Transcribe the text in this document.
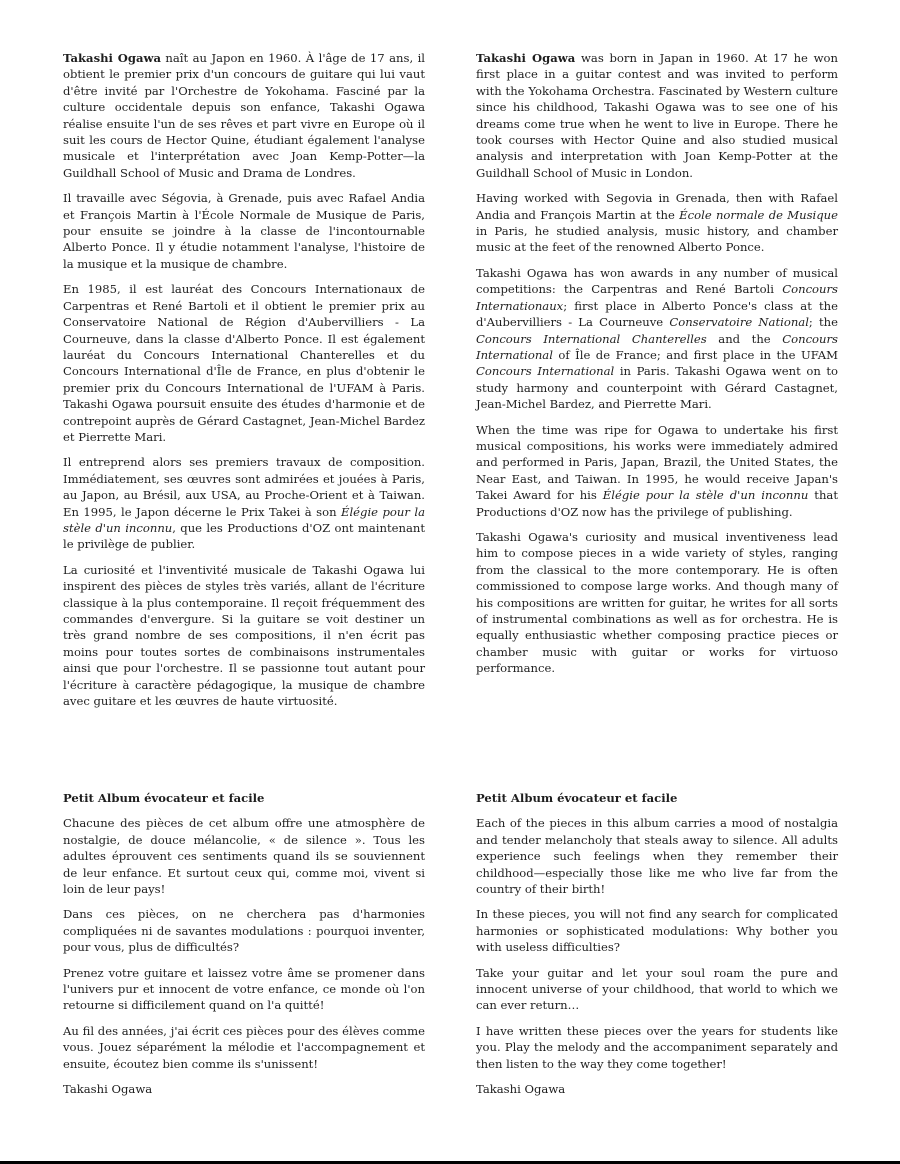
Takashi Ogawa naît au Japon en 1960. À l'âge de 17 ans, il obtient le premier prix d'un concours de guitare qui lui vaut d'être invité par l'Orchestre de Yokohama. Fasciné par la culture occidentale depuis son enfance, Takashi Ogawa réalise ensuite l'un de ses rêves et part vivre en Europe où il suit les cours de Hector Quine, étudiant également l'analyse musicale et l'interprétation avec Joan Kemp-Potter—la Guildhall School of Music and Drama de Londres.

Il travaille avec Ségovia, à Grenade, puis avec Rafael Andia et François Martin à l'École Normale de Musique de Paris, pour ensuite se joindre à la classe de l'incontournable Alberto Ponce. Il y étudie notamment l'analyse, l'histoire de la musique et la musique de chambre.

En 1985, il est lauréat des Concours Internationaux de Carpentras et René Bartoli et il obtient le premier prix au Conservatoire National de Région d'Aubervilliers - La Courneuve, dans la classe d'Alberto Ponce. Il est également lauréat du Concours International Chanterelles et du Concours International d'Île de France, en plus d'obtenir le premier prix du Concours International de l'UFAM à Paris. Takashi Ogawa poursuit ensuite des études d'harmonie et de contrepoint auprès de Gérard Castagnet, Jean-Michel Bardez et Pierrette Mari.

Il entreprend alors ses premiers travaux de composition. Immédiatement, ses œuvres sont admirées et jouées à Paris, au Japon, au Brésil, aux USA, au Proche-Orient et à Taiwan. En 1995, le Japon décerne le Prix Takei à son Élégie pour la stèle d'un inconnu, que les Productions d'OZ ont maintenant le privilège de publier.

La curiosité et l'inventivité musicale de Takashi Ogawa lui inspirent des pièces de styles très variés, allant de l'écriture classique à la plus contemporaine. Il reçoit fréquemment des commandes d'envergure. Si la guitare se voit destiner un très grand nombre de ses compositions, il n'en écrit pas moins pour toutes sortes de combinaisons instrumentales ainsi que pour l'orchestre. Il se passionne tout autant pour l'écriture à caractère pédagogique, la musique de chambre avec guitare et les œuvres de haute virtuosité.

Takashi Ogawa was born in Japan in 1960. At 17 he won first place in a guitar contest and was invited to perform with the Yokohama Orchestra. Fascinated by Western culture since his childhood, Takashi Ogawa was to see one of his dreams come true when he went to live in Europe. There he took courses with Hector Quine and also studied musical analysis and interpretation with Joan Kemp-Potter at the Guildhall School of Music in London.

Having worked with Segovia in Grenada, then with Rafael Andia and François Martin at the École normale de Musique in Paris, he studied analysis, music history, and chamber music at the feet of the renowned Alberto Ponce.

Takashi Ogawa has won awards in any number of musical competitions: the Carpentras and René Bartoli Concours Internationaux; first place in Alberto Ponce's class at the d'Aubervilliers - La Courneuve Conservatoire National; the Concours International Chanterelles and the Concours International of Île de France; and first place in the UFAM Concours International in Paris. Takashi Ogawa went on to study harmony and counterpoint with Gérard Castagnet, Jean-Michel Bardez, and Pierrette Mari.

When the time was ripe for Ogawa to undertake his first musical compositions, his works were immediately admired and performed in Paris, Japan, Brazil, the United States, the Near East, and Taiwan. In 1995, he would receive Japan's Takei Award for his Élégie pour la stèle d'un inconnu that Productions d'OZ now has the privilege of publishing.

Takashi Ogawa's curiosity and musical inventiveness lead him to compose pieces in a wide variety of styles, ranging from the classical to the more contemporary. He is often commissioned to compose large works. And though many of his compositions are written for guitar, he writes for all sorts of instrumental combinations as well as for orchestra. He is equally enthusiastic whether composing practice pieces or chamber music with guitar or works for virtuoso performance.

Petit Album évocateur et facile

Chacune des pièces de cet album offre une atmosphère de nostalgie, de douce mélancolie, « de silence ». Tous les adultes éprouvent ces sentiments quand ils se souviennent de leur enfance. Et surtout ceux qui, comme moi, vivent si loin de leur pays!

Dans ces pièces, on ne cherchera pas d'harmonies compliquées ni de savantes modulations : pourquoi inventer, pour vous, plus de difficultés?

Prenez votre guitare et laissez votre âme se promener dans l'univers pur et innocent de votre enfance, ce monde où l'on retourne si difficilement quand on l'a quitté!

Au fil des années, j'ai écrit ces pièces pour des élèves comme vous. Jouez séparément la mélodie et l'accompagnement et ensuite, écoutez bien comme ils s'unissent!

Takashi Ogawa

Petit Album évocateur et facile

Each of the pieces in this album carries a mood of nostalgia and tender melancholy that steals away to silence. All adults experience such feelings when they remember their childhood—especially those like me who live far from the country of their birth!

In these pieces, you will not find any search for complicated harmonies or sophisticated modulations: Why bother you with useless difficulties?

Take your guitar and let your soul roam the pure and innocent universe of your childhood, that world to which we can ever return…

I have written these pieces over the years for students like you. Play the melody and the accompaniment separately and then listen to the way they come together!

Takashi Ogawa
